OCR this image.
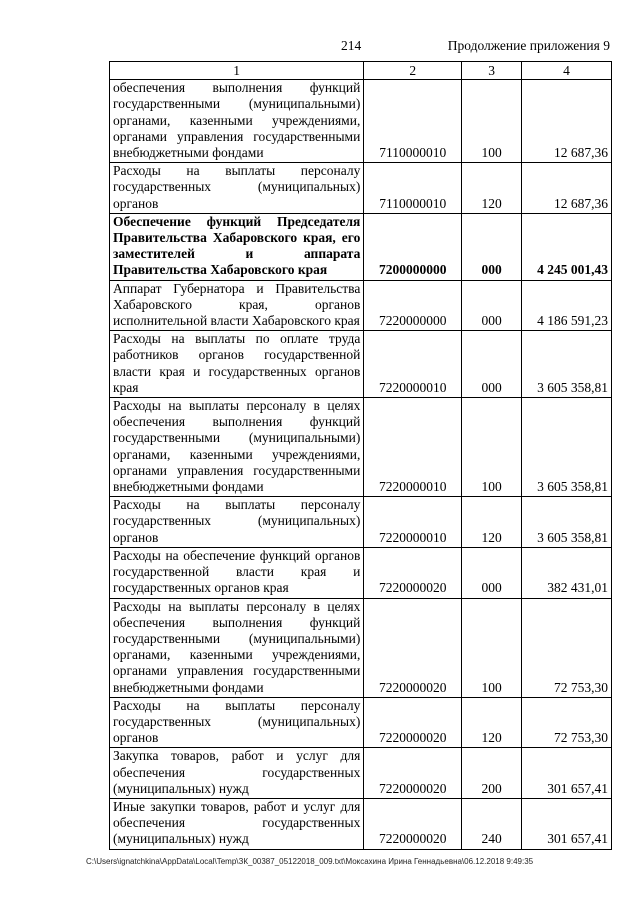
214	Продолжение приложения 9
1	2	3	4
обеспечения выполнения функций государственными (муниципальными) органами, казенными учреждениями, органами управления государственными внебюджетными фондами	7110000010	100	12 687,36
Расходы на выплаты персоналу государственных (муниципальных) органов	7110000010	120	12 687,36
Обеспечение функций Председателя Правительства Хабаровского края, его заместителей и аппарата Правительства Хабаровского края	7200000000	000	4 245 001,43
Аппарат Губернатора и Правительства Хабаровского края, органов исполнительной власти Хабаровского края	7220000000	000	4 186 591,23
Расходы на выплаты по оплате труда работников органов государственной власти края и государственных органов края	7220000010	000	3 605 358,81
Расходы на выплаты персоналу в целях обеспечения выполнения функций государственными (муниципальными) органами, казенными учреждениями, органами управления государственными внебюджетными фондами	7220000010	100	3 605 358,81
Расходы на выплаты персоналу государственных (муниципальных) органов	7220000010	120	3 605 358,81
Расходы на обеспечение функций органов государственной власти края и государственных органов края	7220000020	000	382 431,01
Расходы на выплаты персоналу в целях обеспечения выполнения функций государственными (муниципальными) органами, казенными учреждениями, органами управления государственными внебюджетными фондами	7220000020	100	72 753,30
Расходы на выплаты персоналу государственных (муниципальных) органов	7220000020	120	72 753,30
Закупка товаров, работ и услуг для обеспечения государственных (муниципальных) нужд	7220000020	200	301 657,41
Иные закупки товаров, работ и услуг для обеспечения государственных (муниципальных) нужд	7220000020	240	301 657,41
C:\Users\ignatchkina\AppData\Local\Temp\ЗК_00387_05122018_009.txt\Моксахина Ирина Геннадьевна\06.12.2018 9:49:35
